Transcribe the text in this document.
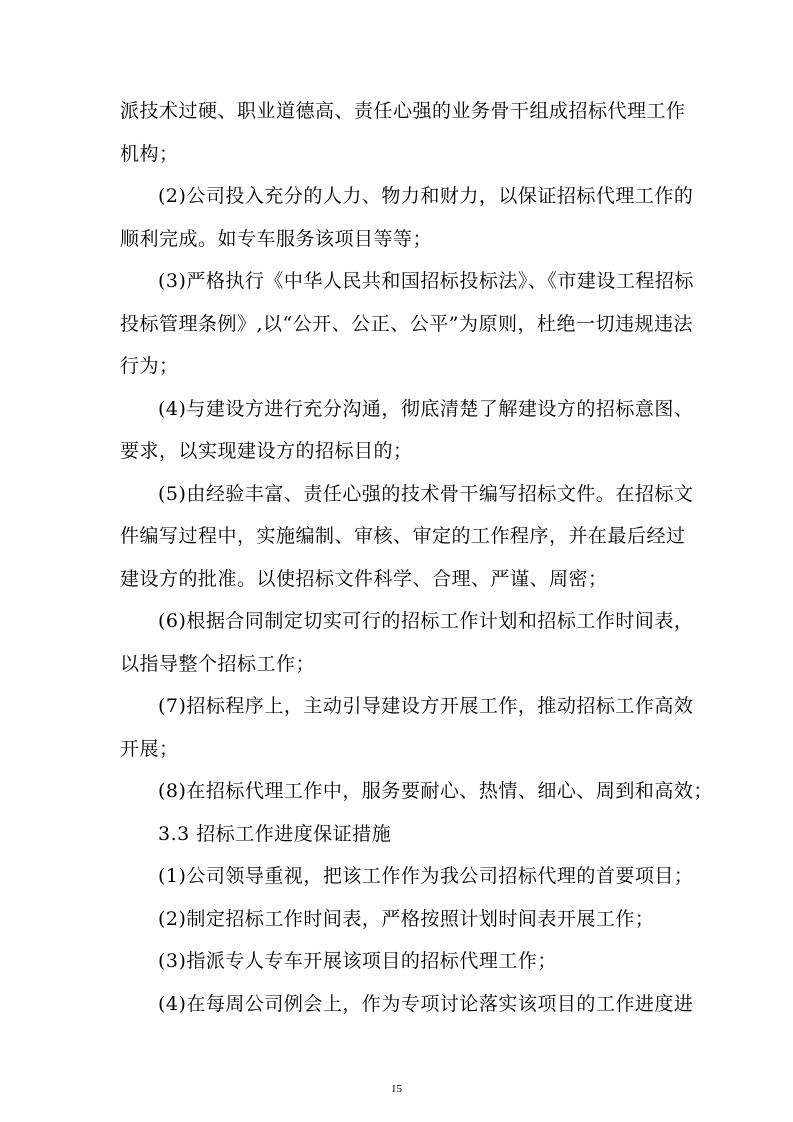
派技术过硬、职业道德高、责任心强的业务骨干组成招标代理工作
机构；
(2)公司投入充分的人力、物力和财力，以保证招标代理工作的
顺利完成。如专车服务该项目等等；
(3)严格执行《中华人民共和国招标投标法》、《市建设工程招标
投标管理条例》,以“公开、公正、公平”为原则，杜绝一切违规违法
行为；
(4)与建设方进行充分沟通，彻底清楚了解建设方的招标意图、
要求，以实现建设方的招标目的；
(5)由经验丰富、责任心强的技术骨干编写招标文件。在招标文
件编写过程中，实施编制、审核、审定的工作程序，并在最后经过
建设方的批准。以使招标文件科学、合理、严谨、周密；
(6)根据合同制定切实可行的招标工作计划和招标工作时间表，
以指导整个招标工作；
(7)招标程序上，主动引导建设方开展工作，推动招标工作高效
开展；
(8)在招标代理工作中，服务要耐心、热情、细心、周到和高效；
3.3 招标工作进度保证措施
(1)公司领导重视，把该工作作为我公司招标代理的首要项目；
(2)制定招标工作时间表，严格按照计划时间表开展工作；
(3)指派专人专车开展该项目的招标代理工作；
(4)在每周公司例会上，作为专项讨论落实该项目的工作进度进
15
